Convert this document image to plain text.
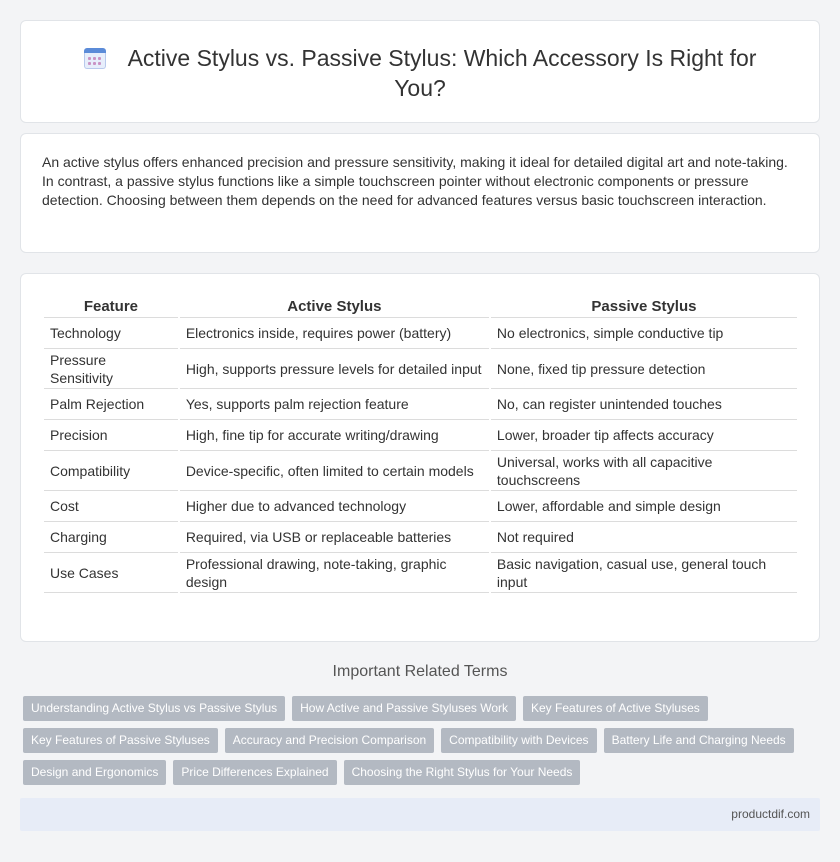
Active Stylus vs. Passive Stylus: Which Accessory Is Right for You?

An active stylus offers enhanced precision and pressure sensitivity, making it ideal for detailed digital art and note-taking. In contrast, a passive stylus functions like a simple touchscreen pointer without electronic components or pressure detection. Choosing between them depends on the need for advanced features versus basic touchscreen interaction.

Feature	Active Stylus	Passive Stylus
Technology	Electronics inside, requires power (battery)	No electronics, simple conductive tip
Pressure Sensitivity	High, supports pressure levels for detailed input	None, fixed tip pressure detection
Palm Rejection	Yes, supports palm rejection feature	No, can register unintended touches
Precision	High, fine tip for accurate writing/drawing	Lower, broader tip affects accuracy
Compatibility	Device-specific, often limited to certain models	Universal, works with all capacitive touchscreens
Cost	Higher due to advanced technology	Lower, affordable and simple design
Charging	Required, via USB or replaceable batteries	Not required
Use Cases	Professional drawing, note-taking, graphic design	Basic navigation, casual use, general touch input
Important Related Terms
Understanding Active Stylus vs Passive Stylus	How Active and Passive Styluses Work	Key Features of Active Styluses
Key Features of Passive Styluses	Accuracy and Precision Comparison	Compatibility with Devices	Battery Life and Charging Needs
Design and Ergonomics	Price Differences Explained	Choosing the Right Stylus for Your Needs
productdif.com
